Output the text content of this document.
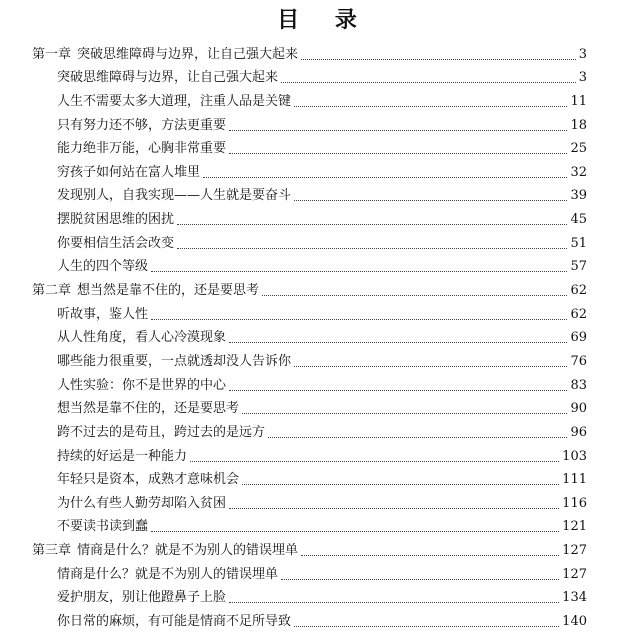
目 录
第一章 突破思维障碍与边界，让自己强大起来	3
突破思维障碍与边界，让自己强大起来	3
人生不需要太多大道理，注重人品是关键	11
只有努力还不够，方法更重要	18
能力绝非万能，心胸非常重要	25
穷孩子如何站在富人堆里	32
发现别人，自我实现——人生就是要奋斗	39
摆脱贫困思维的困扰	45
你要相信生活会改变	51
人生的四个等级	57
第二章 想当然是靠不住的，还是要思考	62
听故事，鉴人性	62
从人性角度，看人心冷漠现象	69
哪些能力很重要，一点就透却没人告诉你	76
人性实验：你不是世界的中心	83
想当然是靠不住的，还是要思考	90
跨不过去的是苟且，跨过去的是远方	96
持续的好运是一种能力	103
年轻只是资本，成熟才意味机会	111
为什么有些人勤劳却陷入贫困	116
不要读书读到蠢	121
第三章 情商是什么？就是不为别人的错误埋单	127
情商是什么？就是不为别人的错误埋单	127
爱护朋友，别让他蹬鼻子上脸	134
你日常的麻烦，有可能是情商不足所导致	140
